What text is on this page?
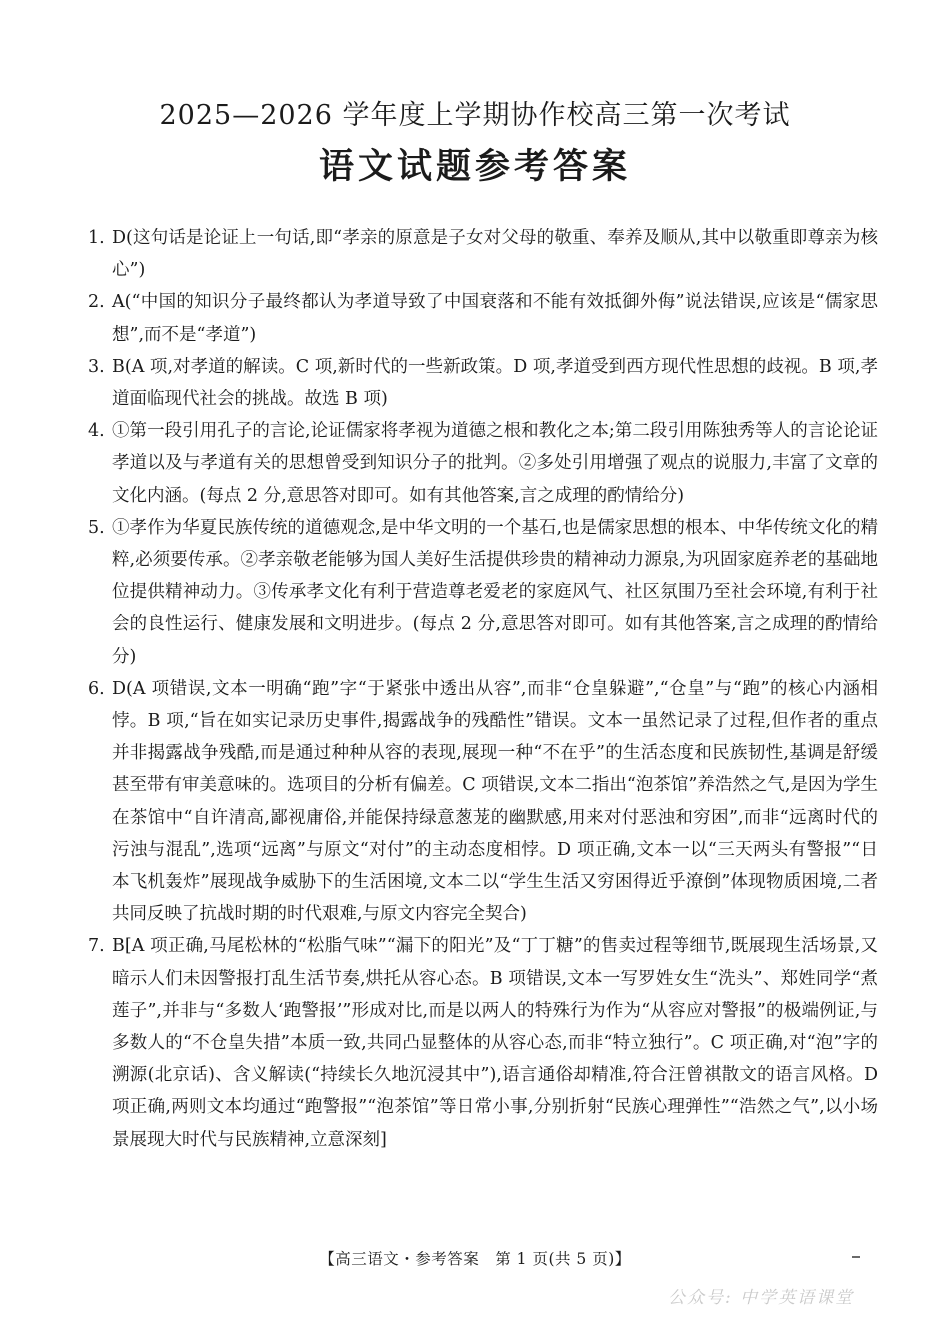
2025—2026 学年度上学期协作校高三第一次考试
语文试题参考答案
1. D(这句话是论证上一句话,即“孝亲的原意是子女对父母的敬重、奉养及顺从,其中以敬重即尊亲为核心”)
2. A(“中国的知识分子最终都认为孝道导致了中国衰落和不能有效抵御外侮”说法错误,应该是“儒家思想”,而不是“孝道”)
3. B(A 项,对孝道的解读。C 项,新时代的一些新政策。D 项,孝道受到西方现代性思想的歧视。B 项,孝道面临现代社会的挑战。故选 B 项)
4. ①第一段引用孔子的言论,论证儒家将孝视为道德之根和教化之本;第二段引用陈独秀等人的言论论证孝道以及与孝道有关的思想曾受到知识分子的批判。②多处引用增强了观点的说服力,丰富了文章的文化内涵。(每点 2 分,意思答对即可。如有其他答案,言之成理的酌情给分)
5. ①孝作为华夏民族传统的道德观念,是中华文明的一个基石,也是儒家思想的根本、中华传统文化的精粹,必须要传承。②孝亲敬老能够为国人美好生活提供珍贵的精神动力源泉,为巩固家庭养老的基础地位提供精神动力。③传承孝文化有利于营造尊老爱老的家庭风气、社区氛围乃至社会环境,有利于社会的良性运行、健康发展和文明进步。(每点 2 分,意思答对即可。如有其他答案,言之成理的酌情给分)
6. D(A 项错误,文本一明确“跑”字“于紧张中透出从容”,而非“仓皇躲避”,“仓皇”与“跑”的核心内涵相悖。B 项,“旨在如实记录历史事件,揭露战争的残酷性”错误。文本一虽然记录了过程,但作者的重点并非揭露战争残酷,而是通过种种从容的表现,展现一种“不在乎”的生活态度和民族韧性,基调是舒缓甚至带有审美意味的。选项目的分析有偏差。C 项错误,文本二指出“泡茶馆”养浩然之气,是因为学生在茶馆中“自许清高,鄙视庸俗,并能保持绿意葱茏的幽默感,用来对付恶浊和穷困”,而非“远离时代的污浊与混乱”,选项“远离”与原文“对付”的主动态度相悖。D 项正确,文本一以“三天两头有警报”“日本飞机轰炸”展现战争威胁下的生活困境,文本二以“学生生活又穷困得近乎潦倒”体现物质困境,二者共同反映了抗战时期的时代艰难,与原文内容完全契合)
7. B[A 项正确,马尾松林的“松脂气味”“漏下的阳光”及“丁丁糖”的售卖过程等细节,既展现生活场景,又暗示人们未因警报打乱生活节奏,烘托从容心态。B 项错误,文本一写罗姓女生“洗头”、郑姓同学“煮莲子”,并非与“多数人‘跑警报’”形成对比,而是以两人的特殊行为作为“从容应对警报”的极端例证,与多数人的“不仓皇失措”本质一致,共同凸显整体的从容心态,而非“特立独行”。C 项正确,对“泡”字的溯源(北京话)、含义解读(“持续长久地沉浸其中”),语言通俗却精准,符合汪曾祺散文的语言风格。D 项正确,两则文本均通过“跑警报”“泡茶馆”等日常小事,分别折射“民族心理弹性”“浩然之气”,以小场景展现大时代与民族精神,立意深刻]
【高三语文・参考答案　第 1 页(共 5 页)】
公众号: 中学英语课堂
